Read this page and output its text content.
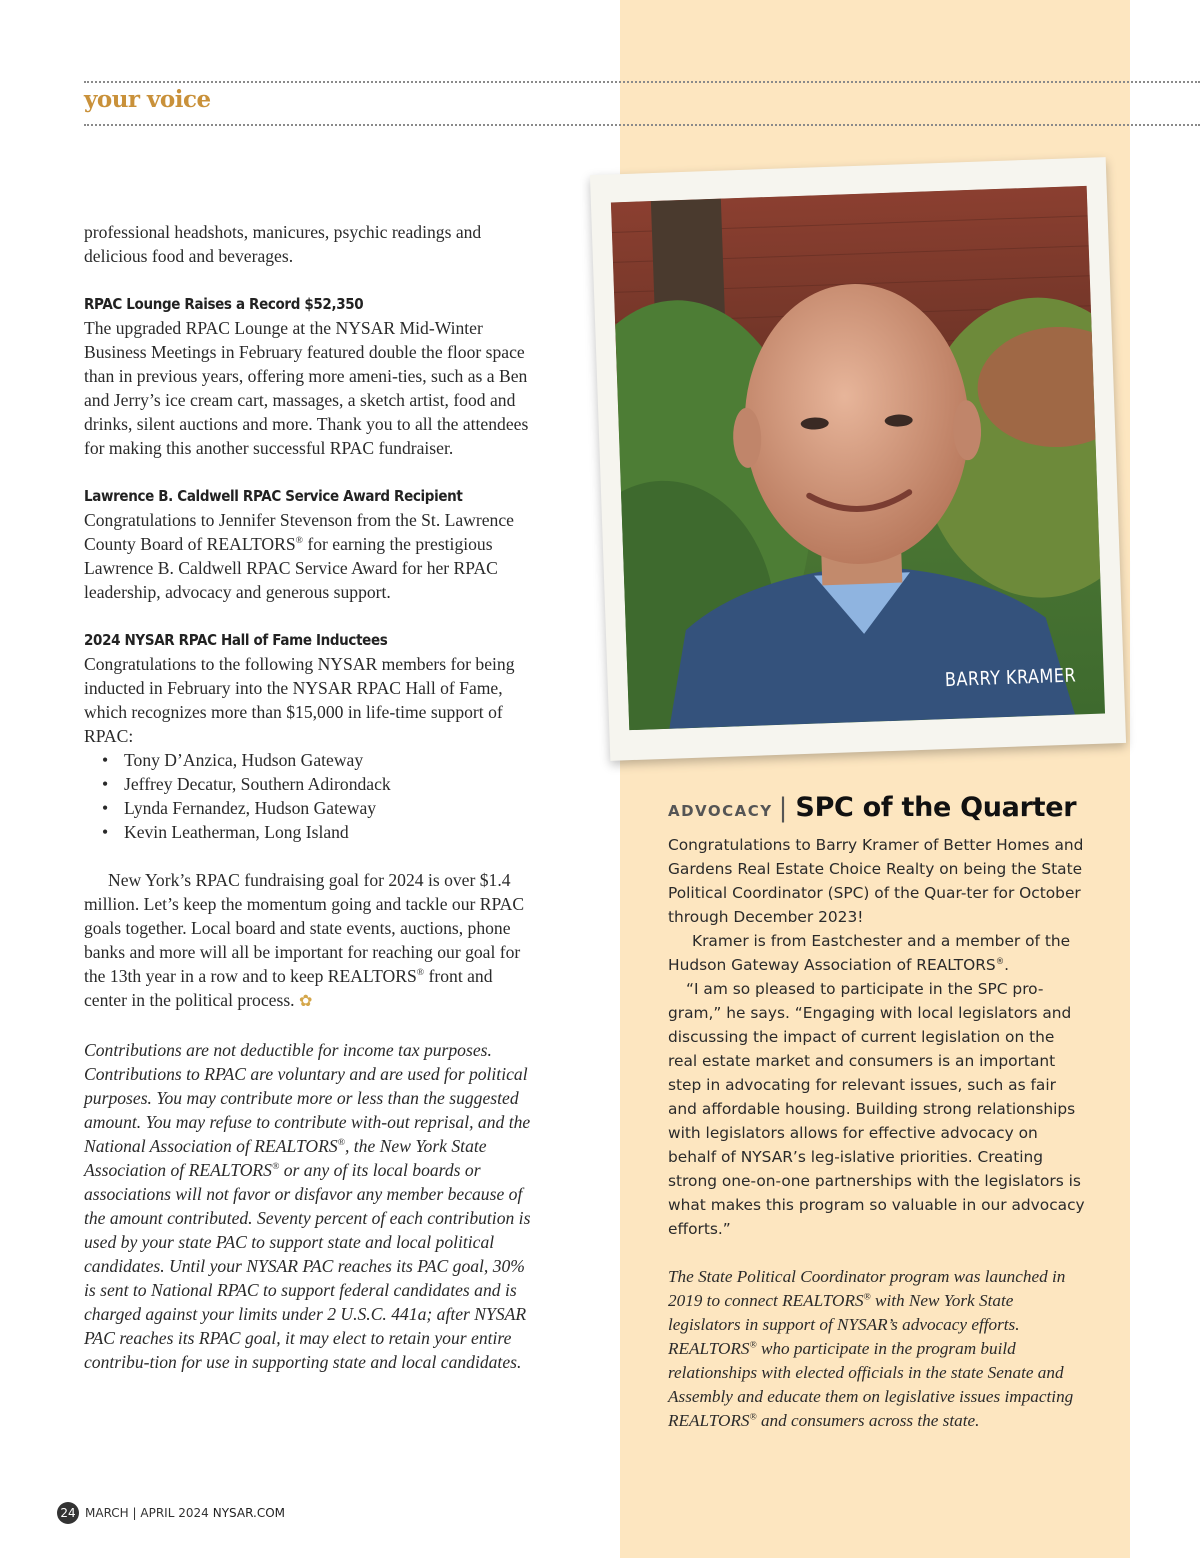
your voice

professional headshots, manicures, psychic readings and delicious food and beverages.

RPAC Lounge Raises a Record $52,350

The upgraded RPAC Lounge at the NYSAR Mid-Winter Business Meetings in February featured double the floor space than in previous years, offering more ameni-ties, such as a Ben and Jerry’s ice cream cart, massages, a sketch artist, food and drinks, silent auctions and more. Thank you to all the attendees for making this another successful RPAC fundraiser.

Lawrence B. Caldwell RPAC Service Award Recipient

Congratulations to Jennifer Stevenson from the St. Lawrence County Board of REALTORS® for earning the prestigious Lawrence B. Caldwell RPAC Service Award for her RPAC leadership, advocacy and generous support.

2024 NYSAR RPAC Hall of Fame Inductees

Congratulations to the following NYSAR members for being inducted in February into the NYSAR RPAC Hall of Fame, which recognizes more than $15,000 in life-time support of RPAC:

• Tony D’Anzica, Hudson Gateway
• Jeffrey Decatur, Southern Adirondack
• Lynda Fernandez, Hudson Gateway
• Kevin Leatherman, Long Island

New York’s RPAC fundraising goal for 2024 is over $1.4 million. Let’s keep the momentum going and tackle our RPAC goals together. Local board and state events, auctions, phone banks and more will all be important for reaching our goal for the 13th year in a row and to keep REALTORS® front and center in the political process. ✿

Contributions are not deductible for income tax purposes. Contributions to RPAC are voluntary and are used for political purposes. You may contribute more or less than the suggested amount. You may refuse to contribute with-out reprisal, and the National Association of REALTORS®, the New York State Association of REALTORS® or any of its local boards or associations will not favor or disfavor any member because of the amount contributed. Seventy percent of each contribution is used by your state PAC to support state and local political candidates. Until your NYSAR PAC reaches its PAC goal, 30% is sent to National RPAC to support federal candidates and is charged against your limits under 2 U.S.C. 441a; after NYSAR PAC reaches its RPAC goal, it may elect to retain your entire contribu-tion for use in supporting state and local candidates.

BARRY KRAMER
ADVOCACY | SPC of the Quarter

Congratulations to Barry Kramer of Better Homes and Gardens Real Estate Choice Realty on being the State Political Coordinator (SPC) of the Quar-ter for October through December 2023!

Kramer is from Eastchester and a member of the Hudson Gateway Association of REALTORS®.

“I am so pleased to participate in the SPC pro-gram,” he says. “Engaging with local legislators and discussing the impact of current legislation on the real estate market and consumers is an important step in advocating for relevant issues, such as fair and affordable housing. Building strong relationships with legislators allows for effective advocacy on behalf of NYSAR’s leg-islative priorities. Creating strong one-on-one partnerships with the legislators is what makes this program so valuable in our advocacy efforts.”

The State Political Coordinator program was launched in 2019 to connect REALTORS® with New York State legislators in support of NYSAR’s advocacy efforts. REALTORS® who participate in the program build relationships with elected officials in the state Senate and Assembly and educate them on legislative issues impacting REALTORS® and consumers across the state.

24 MARCH | APRIL 2024 NYSAR.COM
